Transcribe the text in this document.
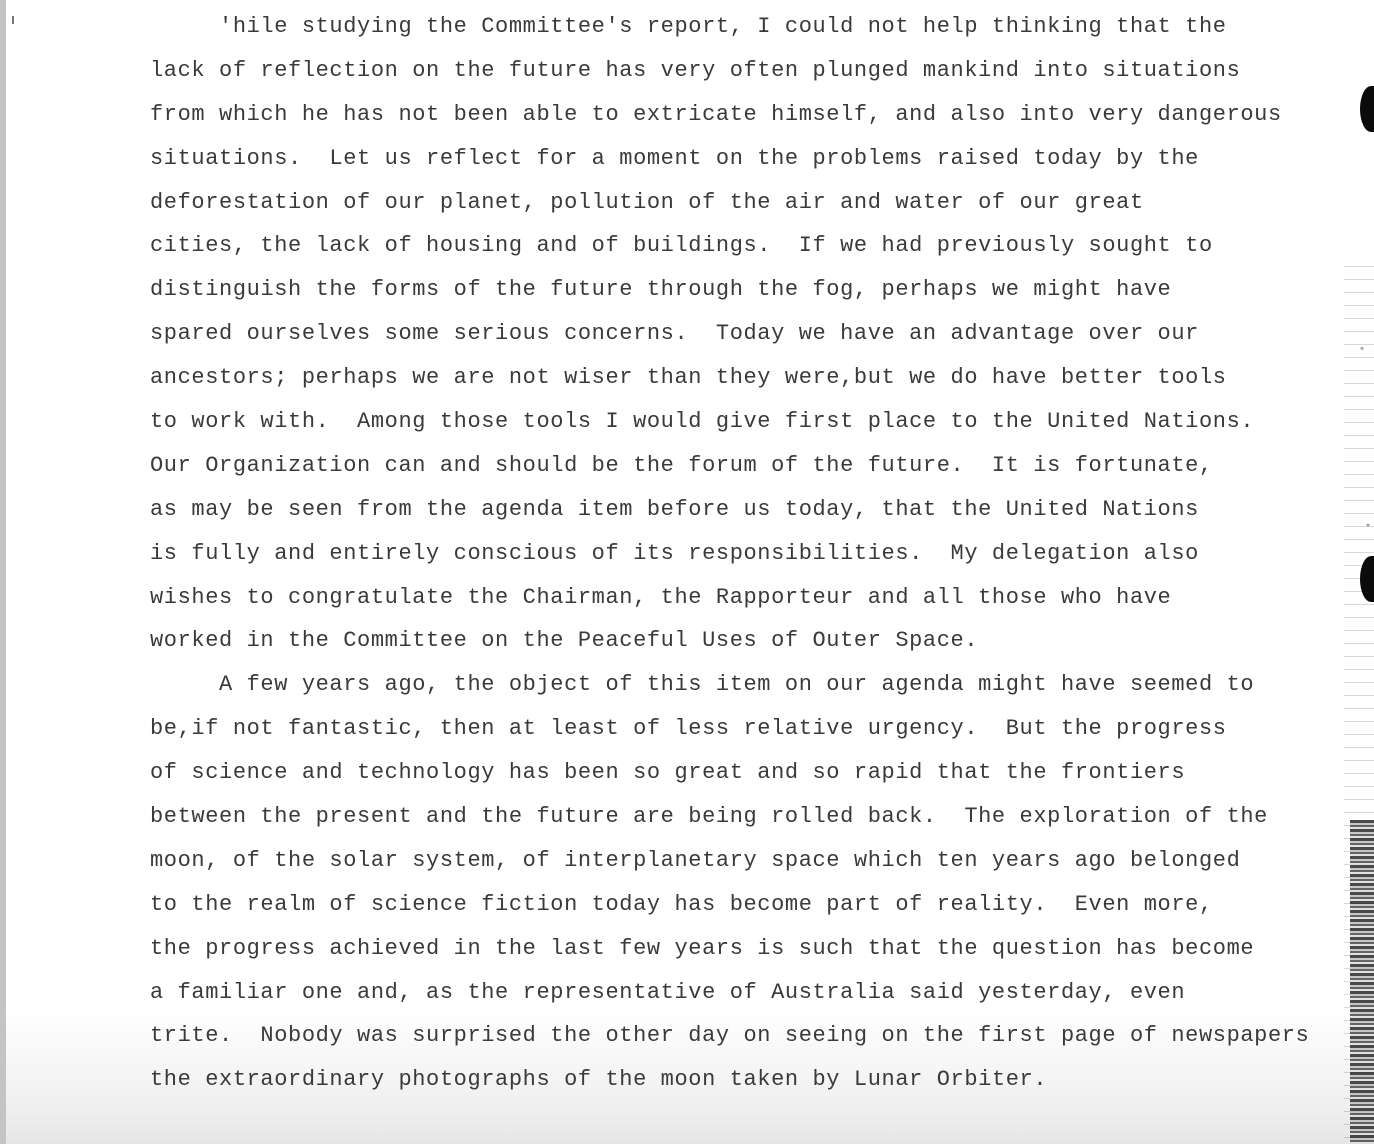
'hile studying the Committee's report, I could not help thinking that the
lack of reflection on the future has very often plunged mankind into situations
from which he has not been able to extricate himself, and also into very dangerous
situations.  Let us reflect for a moment on the problems raised today by the
deforestation of our planet, pollution of the air and water of our great
cities, the lack of housing and of buildings.  If we had previously sought to
distinguish the forms of the future through the fog, perhaps we might have
spared ourselves some serious concerns.  Today we have an advantage over our
ancestors; perhaps we are not wiser than they were,but we do have better tools
to work with.  Among those tools I would give first place to the United Nations.
Our Organization can and should be the forum of the future.  It is fortunate,
as may be seen from the agenda item before us today, that the United Nations
is fully and entirely conscious of its responsibilities.  My delegation also
wishes to congratulate the Chairman, the Rapporteur and all those who have
worked in the Committee on the Peaceful Uses of Outer Space.
A few years ago, the object of this item on our agenda might have seemed to
be,if not fantastic, then at least of less relative urgency.  But the progress
of science and technology has been so great and so rapid that the frontiers
between the present and the future are being rolled back.  The exploration of the
moon, of the solar system, of interplanetary space which ten years ago belonged
to the realm of science fiction today has become part of reality.  Even more,
the progress achieved in the last few years is such that the question has become
a familiar one and, as the representative of Australia said yesterday, even
trite.  Nobody was surprised the other day on seeing on the first page of newspapers
the extraordinary photographs of the moon taken by Lunar Orbiter.
